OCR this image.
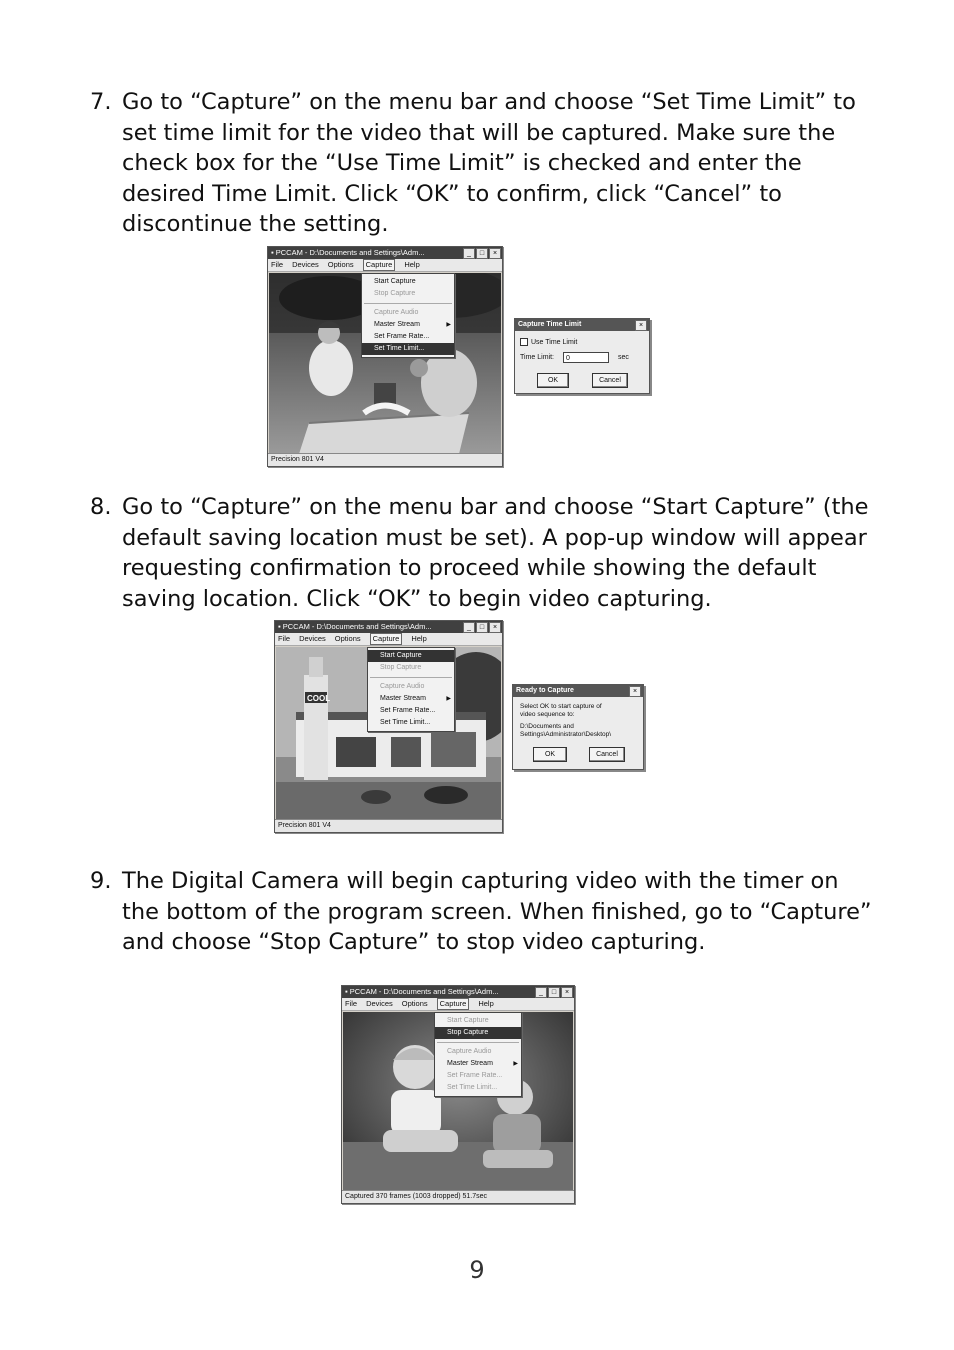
7. Go to “Capture” on the menu bar and choose “Set Time Limit” to set time limit for the video that will be captured. Make sure the check box for the “Use Time Limit” is checked and enter the desired Time Limit. Click “OK” to confirm, click “Cancel” to discontinue the setting.
▪ PCCAM - D:\Documents and Settings\Adm...	_	□	×
File Devices Options	Capture	Help
Start Capture
Stop Capture
Capture Audio
Master Stream	▶
Set Frame Rate...
Set Time Limit...
Precision 801 V4
Capture Time Limit	×
Use Time Limit
Time Limit:	0	sec
OK	Cancel
8. Go to “Capture” on the menu bar and choose “Start Capture” (the default saving location must be set). A pop-up window will appear requesting confirmation to proceed while showing the default saving location. Click “OK” to begin video capturing.
▪ PCCAM - D:\Documents and Settings\Adm...	_	□	×
File Devices Options	Capture	Help
COOL
Start Capture
Stop Capture
Capture Audio
Master Stream	▶
Set Frame Rate...
Set Time Limit...
Precision 801 V4
Ready to Capture	×
Select OK to start capture of
video sequence to:
D:\Documents and
Settings\Administrator\Desktop\
OK	Cancel
9. The Digital Camera will begin capturing video with the timer on the bottom of the program screen. When finished, go to “Capture” and choose “Stop Capture” to stop video capturing.
▪ PCCAM - D:\Documents and Settings\Adm...	_	□	×
File Devices Options	Capture	Help
Start Capture
Stop Capture
Capture Audio
Master Stream	▶
Set Frame Rate...
Set Time Limit...
Captured 370 frames (1003 dropped) 51.7sec
9
